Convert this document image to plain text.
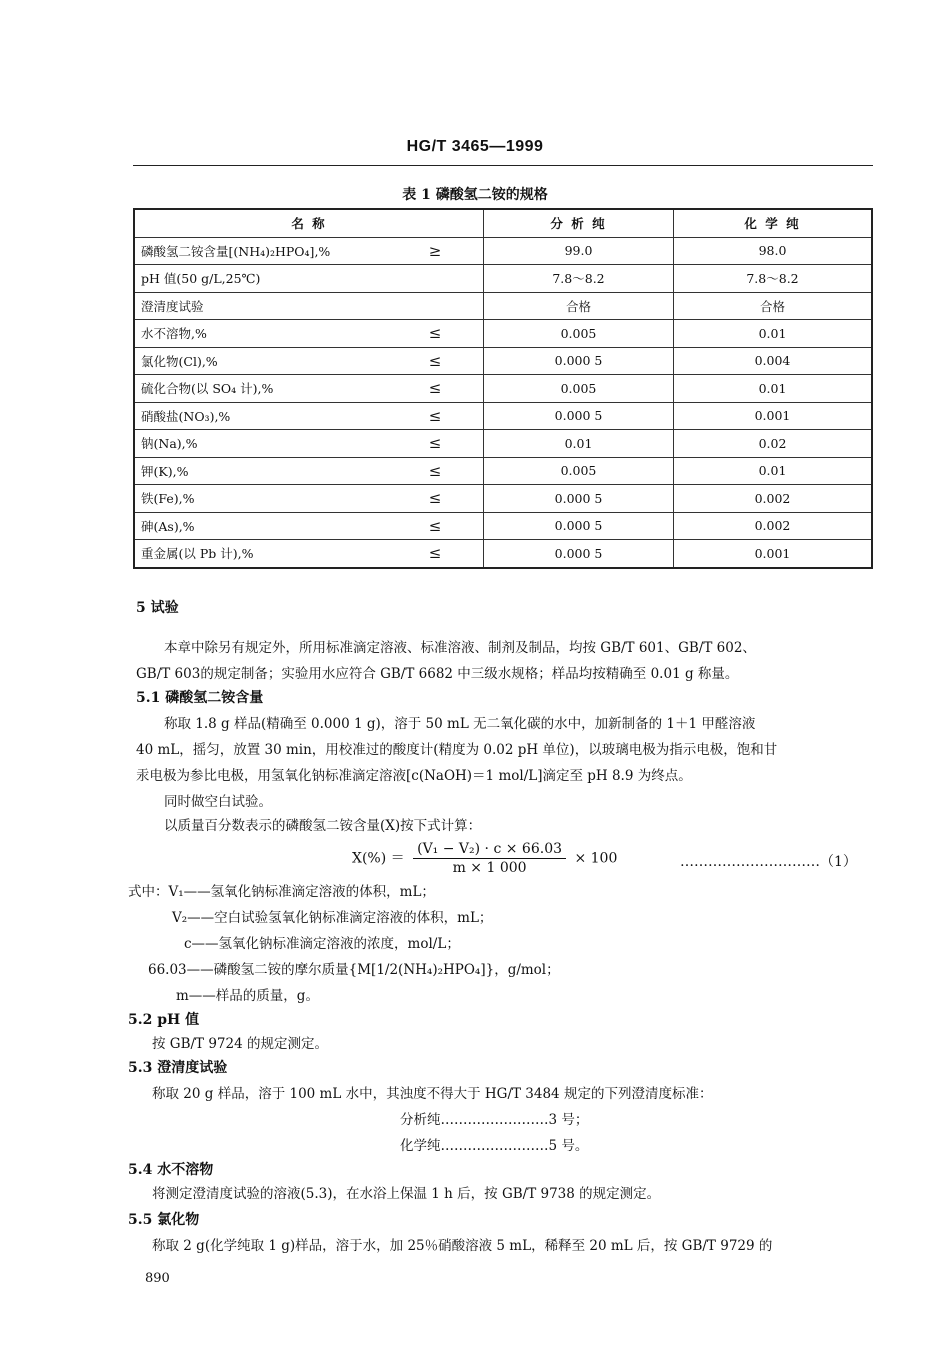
HG/T 3465—1999
表 1 磷酸氢二铵的规格
名 称		分 析 纯	化 学 纯
磷酸氢二铵含量[(NH₄)₂HPO₄],%	≥	99.0	98.0
pH 值(50 g/L,25℃)		7.8～8.2	7.8～8.2
澄清度试验		合格	合格
水不溶物,%	≤	0.005	0.01
氯化物(Cl),%	≤	0.000 5	0.004
硫化合物(以 SO₄ 计),%	≤	0.005	0.01
硝酸盐(NO₃),%	≤	0.000 5	0.001
钠(Na),%	≤	0.01	0.02
钾(K),%	≤	0.005	0.01
铁(Fe),%	≤	0.000 5	0.002
砷(As),%	≤	0.000 5	0.002
重金属(以 Pb 计),%	≤	0.000 5	0.001
5 试验
本章中除另有规定外，所用标准滴定溶液、标准溶液、制剂及制品，均按 GB/T 601、GB/T 602、
GB/T 603的规定制备；实验用水应符合 GB/T 6682 中三级水规格；样品均按精确至 0.01 g 称量。
5.1 磷酸氢二铵含量
称取 1.8 g 样品(精确至 0.000 1 g)，溶于 50 mL 无二氧化碳的水中，加新制备的 1＋1 甲醛溶液
40 mL，摇匀，放置 30 min，用校准过的酸度计(精度为 0.02 pH 单位)，以玻璃电极为指示电极，饱和甘
汞电极为参比电极，用氢氧化钠标准滴定溶液[c(NaOH)＝1 mol/L]滴定至 pH 8.9 为终点。
同时做空白试验。
以质量百分数表示的磷酸氢二铵含量(X)按下式计算：
$X(\%) = \frac{\text{(V₁ − V₂) · c × 66.03}}{m \times 1 000} \times 100$	…………………………（1）
式中：V₁——氢氧化钠标准滴定溶液的体积，mL；
V₂——空白试验氢氧化钠标准滴定溶液的体积，mL；
c——氢氧化钠标准滴定溶液的浓度，mol/L；
66.03——磷酸氢二铵的摩尔质量{M[1/2(NH₄)₂HPO₄]}，g/mol；
m——样品的质量，g。
5.2 pH 值
按 GB/T 9724 的规定测定。
5.3 澄清度试验
称取 20 g 样品，溶于 100 mL 水中，其浊度不得大于 HG/T 3484 规定的下列澄清度标准：
分析纯……………………3 号；
化学纯……………………5 号。
5.4 水不溶物
将测定澄清度试验的溶液(5.3)，在水浴上保温 1 h 后，按 GB/T 9738 的规定测定。
5.5 氯化物
称取 2 g(化学纯取 1 g)样品，溶于水，加 25％硝酸溶液 5 mL，稀释至 20 mL 后，按 GB/T 9729 的
890
